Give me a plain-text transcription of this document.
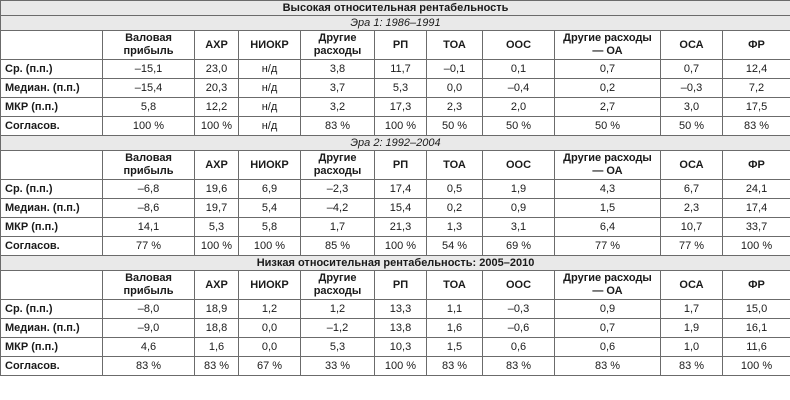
Высокая относительная рентабельность										
Эра 1: 1986–1991										
	Валовая прибыль	АХР	НИОКР	Другие расходы	РП	ТОА	ООС	Другие расходы — ОА	ОСА	ФР
Ср. (п.п.)	–15,1	23,0	н/д	3,8	11,7	–0,1	0,1	0,7	0,7	12,4
Медиан. (п.п.)	–15,4	20,3	н/д	3,7	5,3	0,0	–0,4	0,2	–0,3	7,2
МКР (п.п.)	5,8	12,2	н/д	3,2	17,3	2,3	2,0	2,7	3,0	17,5
Согласов.	100 %	100 %	н/д	83 %	100 %	50 %	50 %	50 %	50 %	83 %
Эра 2: 1992–2004										
	Валовая прибыль	АХР	НИОКР	Другие расходы	РП	ТОА	ООС	Другие расходы — ОА	ОСА	ФР
Ср. (п.п.)	–6,8	19,6	6,9	–2,3	17,4	0,5	1,9	4,3	6,7	24,1
Медиан. (п.п.)	–8,6	19,7	5,4	–4,2	15,4	0,2	0,9	1,5	2,3	17,4
МКР (п.п.)	14,1	5,3	5,8	1,7	21,3	1,3	3,1	6,4	10,7	33,7
Согласов.	77 %	100 %	100 %	85 %	100 %	54 %	69 %	77 %	77 %	100 %
Низкая относительная рентабельность: 2005–2010										
	Валовая прибыль	АХР	НИОКР	Другие расходы	РП	ТОА	ООС	Другие расходы — ОА	ОСА	ФР
Ср. (п.п.)	–8,0	18,9	1,2	1,2	13,3	1,1	–0,3	0,9	1,7	15,0
Медиан. (п.п.)	–9,0	18,8	0,0	–1,2	13,8	1,6	–0,6	0,7	1,9	16,1
МКР (п.п.)	4,6	1,6	0,0	5,3	10,3	1,5	0,6	0,6	1,0	11,6
Согласов.	83 %	83 %	67 %	33 %	100 %	83 %	83 %	83 %	83 %	100 %
